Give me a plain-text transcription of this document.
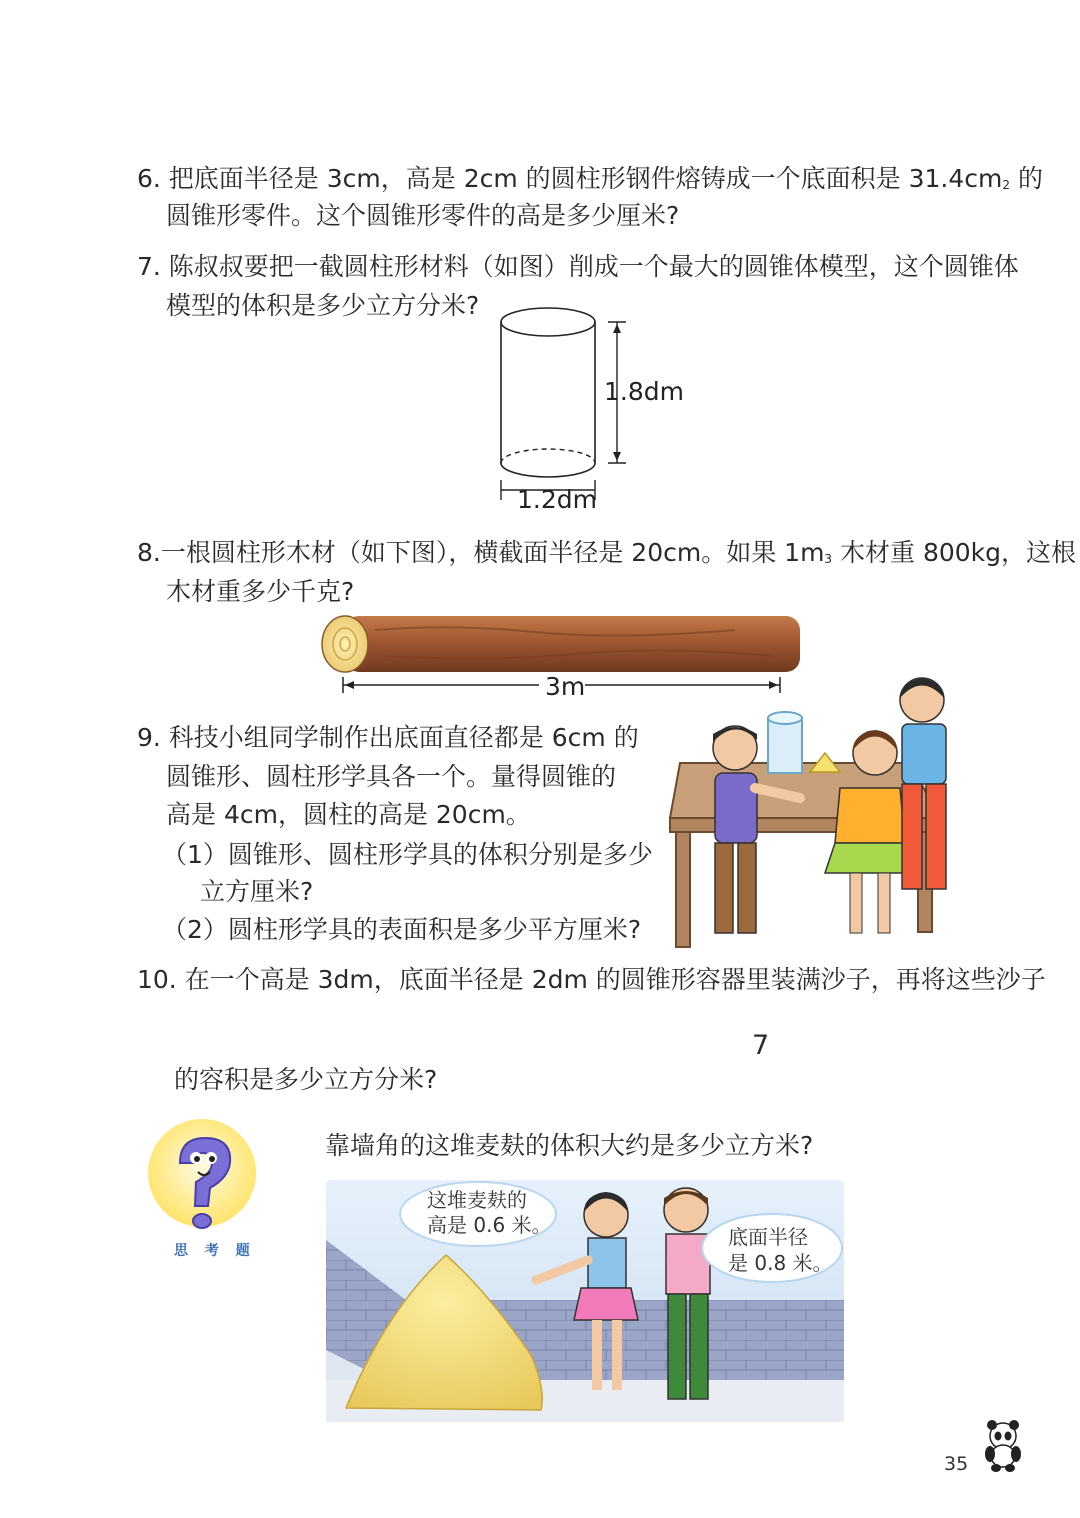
6. 把底面半径是 3cm，高是 2cm 的圆柱形钢件熔铸成一个底面积是 $31.4cm^2$ 的
圆锥形零件。这个圆锥形零件的高是多少厘米?
7. 陈叔叔要把一截圆柱形材料（如图）削成一个最大的圆锥体模型，这个圆锥体
模型的体积是多少立方分米?
1.8dm
1.2dm
8.一根圆柱形木材（如下图），横截面半径是 20cm。如果 $1m^3$ 木材重 800kg，这根
木材重多少千克?
3m
9. 科技小组同学制作出底面直径都是 6cm 的
圆锥形、圆柱形学具各一个。量得圆锥的
高是 4cm，圆柱的高是 20cm。
（1）圆锥形、圆柱形学具的体积分别是多少
立方厘米?
（2）圆柱形学具的表面积是多少平方厘米?
10. 在一个高是 3dm，底面半径是 2dm 的圆锥形容器里装满沙子，再将这些沙子
7
的容积是多少立方分米?
思 考 题
靠墙角的这堆麦麸的体积大约是多少立方米?
这堆麦麸的
高是 0.6 米。	底面半径
是 0.8 米。
35
